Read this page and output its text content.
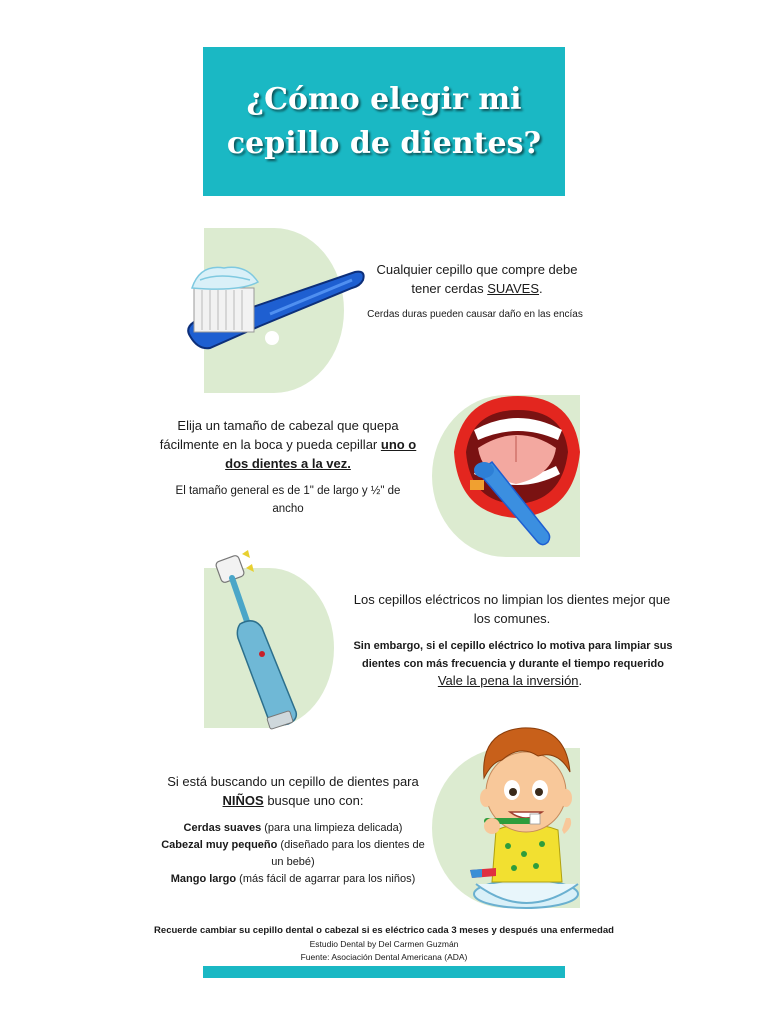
¿Cómo elegir mi
cepillo de dientes?
Cualquier cepillo que compre debe tener cerdas SUAVES.
Cerdas duras pueden causar daño en las encías
Elija un tamaño de cabezal que quepa fácilmente en la boca y pueda cepillar uno o dos dientes a la vez.
El tamaño general es de 1" de largo y ½" de ancho
Los cepillos eléctricos no limpian los dientes mejor que los comunes.
Sin embargo, si el cepillo eléctrico lo motiva para limpiar sus dientes con más frecuencia y durante el tiempo requerido
Vale la pena la inversión.
Si está buscando un cepillo de dientes para NIÑOS busque uno con:
Cerdas suaves (para una limpieza delicada)
Cabezal muy pequeño (diseñado para los dientes de un bebé)
Mango largo (más fácil de agarrar para los niños)
Recuerde cambiar su cepillo dental o cabezal si es eléctrico cada 3 meses y después una enfermedad
Estudio Dental by Del Carmen Guzmán
Fuente: Asociación Dental Americana (ADA)
